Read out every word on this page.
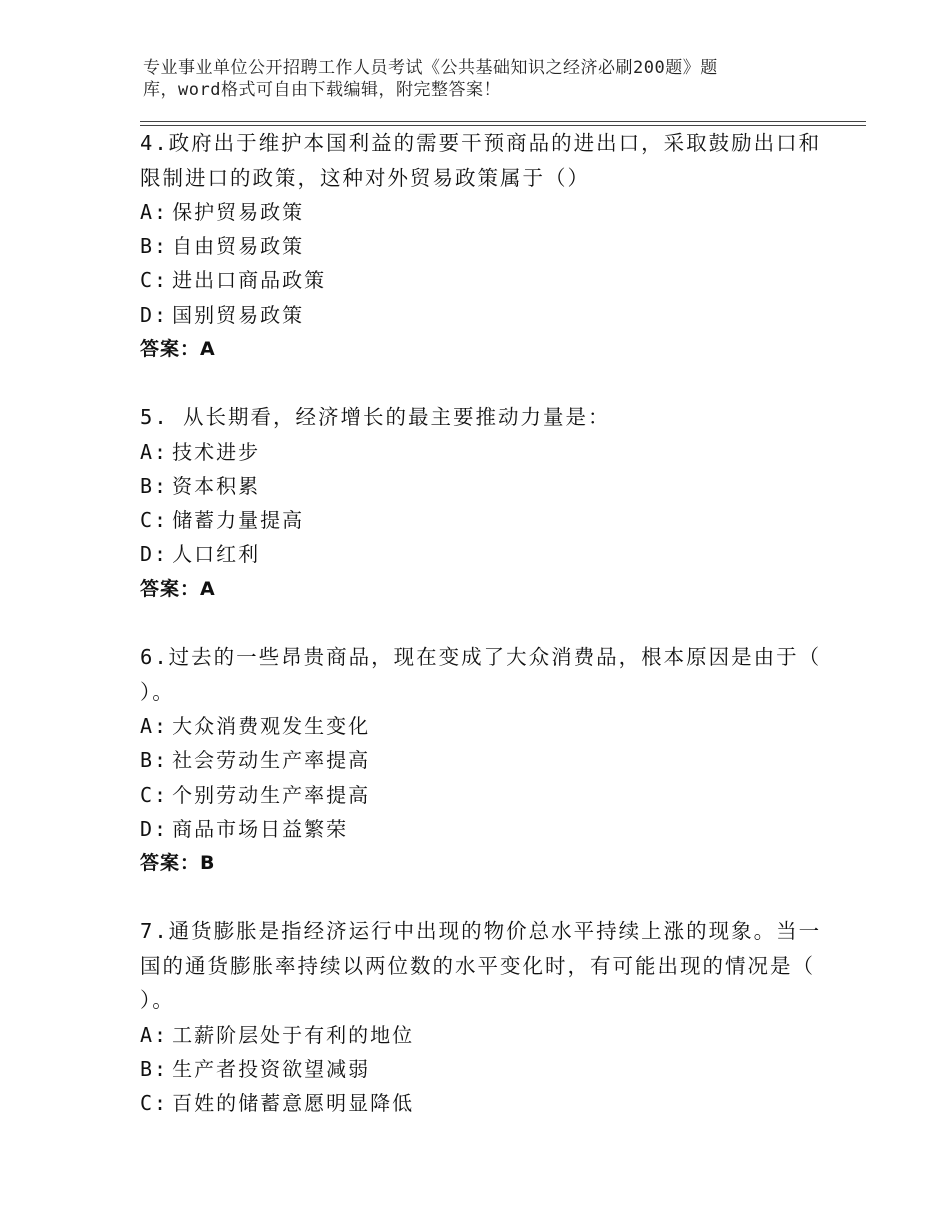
专业事业单位公开招聘工作人员考试《公共基础知识之经济必刷200题》题
库，word格式可自由下载编辑，附完整答案！
4.政府出于维护本国利益的需要干预商品的进出口，采取鼓励出口和
限制进口的政策，这种对外贸易政策属于（）
A: 保护贸易政策
B: 自由贸易政策
C: 进出口商品政策
D: 国别贸易政策
答案：A
5. 从长期看，经济增长的最主要推动力量是：
A: 技术进步
B: 资本积累
C: 储蓄力量提高
D: 人口红利
答案：A
6.过去的一些昂贵商品，现在变成了大众消费品，根本原因是由于（
）。
A: 大众消费观发生变化
B: 社会劳动生产率提高
C: 个别劳动生产率提高
D: 商品市场日益繁荣
答案：B
7.通货膨胀是指经济运行中出现的物价总水平持续上涨的现象。当一
国的通货膨胀率持续以两位数的水平变化时，有可能出现的情况是（
）。
A: 工薪阶层处于有利的地位
B: 生产者投资欲望减弱
C: 百姓的储蓄意愿明显降低
